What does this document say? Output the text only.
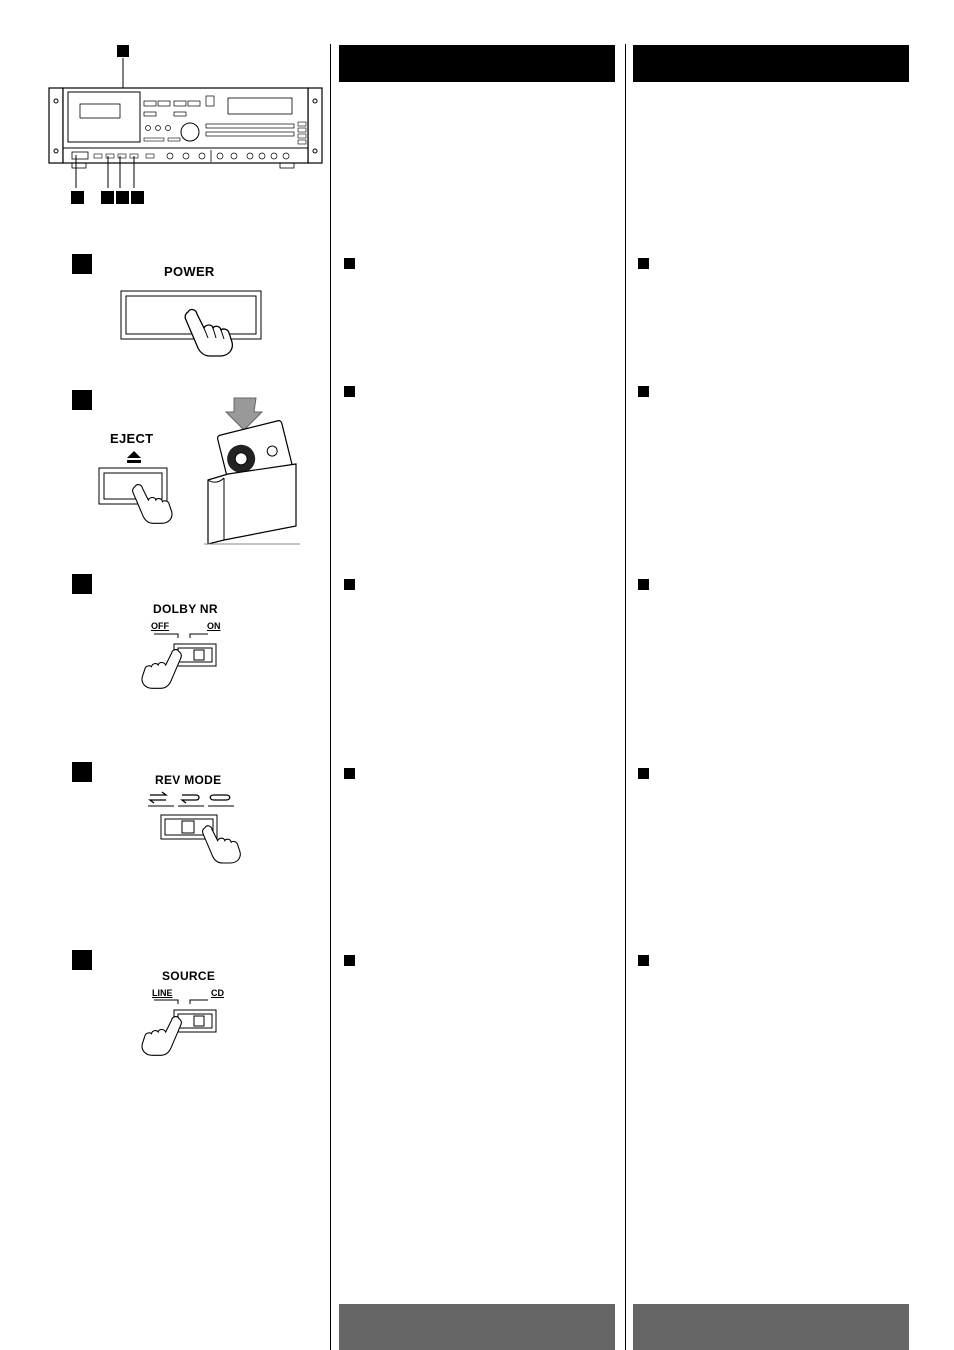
POWER
EJECT
DOLBY NR
OFF	ON
REV MODE
SOURCE
LINE	CD
